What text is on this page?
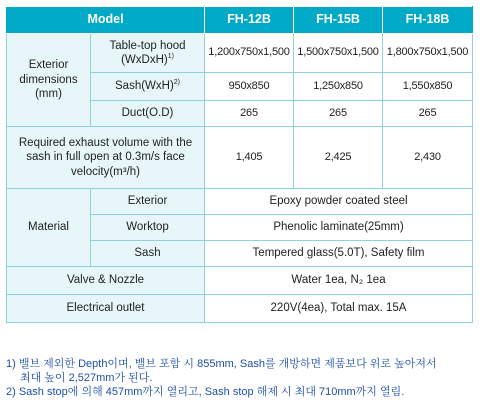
Model		FH-12B	FH-15B	FH-18B
Exterior dimensions (mm)	Table-top hood (WxDxH)$^{1)}$	1,200x750x1,500	1,500x750x1,500	1,800x750x1,500
	Sash(WxH)$^{2)}$	950x850	1,250x850	1,550x850
	Duct(O.D)	265	265	265
Required exhaust volume with the sash in full open at 0.3m/s face velocity(m³/h)		1,405	2,425	2,430
Material	Exterior	Epoxy powder coated steel		
	Worktop	Phenolic laminate(25mm)		
	Sash	Tempered glass(5.0T), Safety film		
Valve & Nozzle		Water 1ea, N₂ 1ea		
Electrical outlet		220V(4ea), Total max. 15A		

1) 밸브 제외한 Depth이며, 밸브 포함 시 855mm, Sash를 개방하면 제품보다 위로 높아져서

최대 높이 2,527mm가 된다.

2) Sash stop에 의해 457mm까지 열리고, Sash stop 해제 시 최대 710mm까지 열림.
